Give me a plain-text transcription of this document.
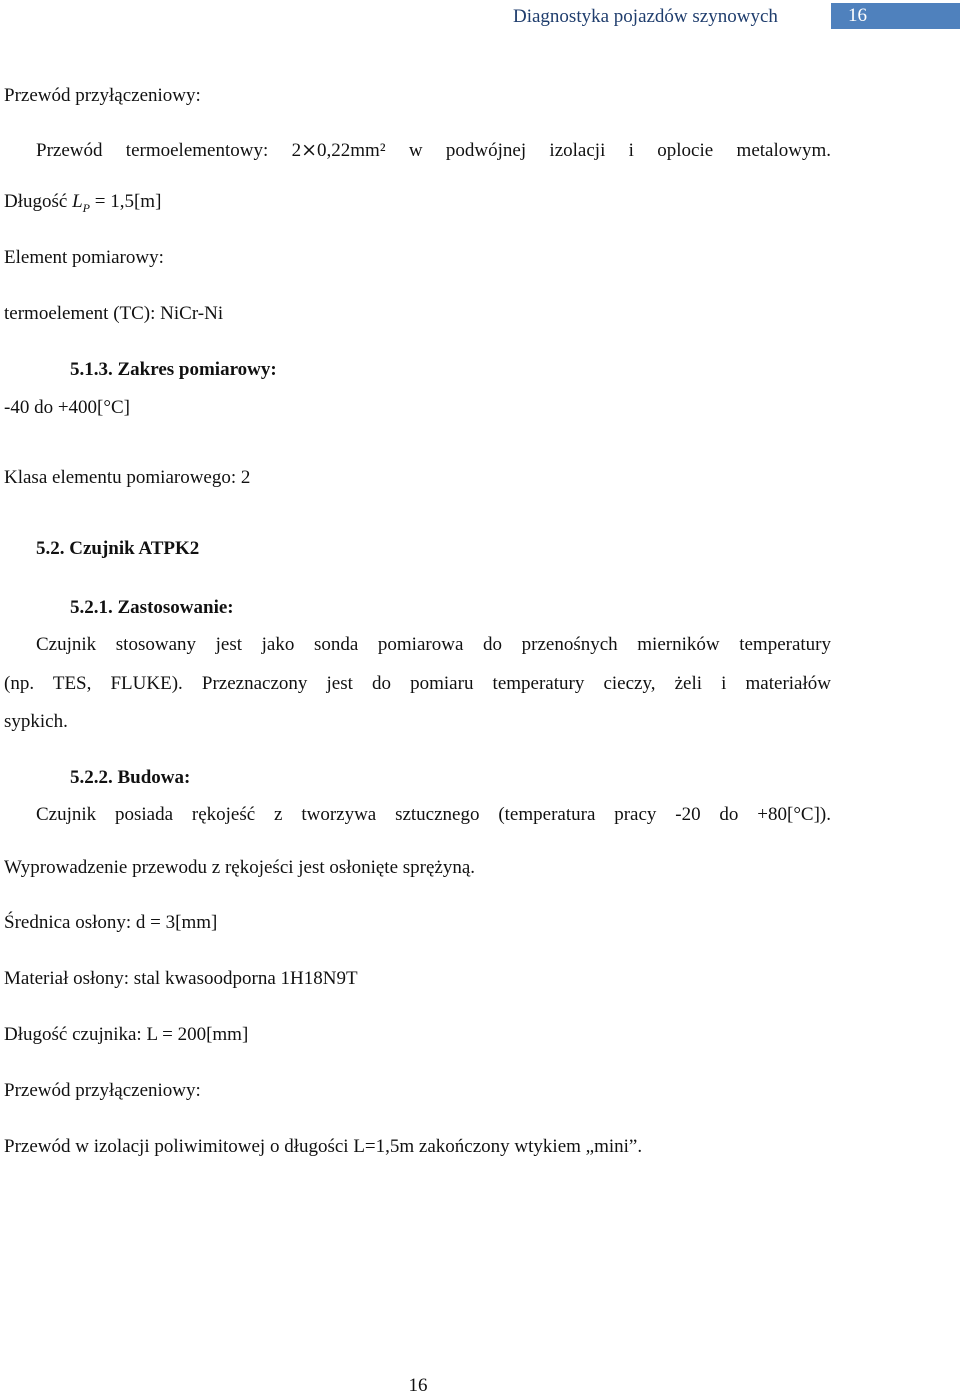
Diagnostyka pojazdów szynowych	16
Przewód przyłączeniowy:
Przewód termoelementowy: 2⨯0,22mm² w podwójnej izolacji i oplocie metalowym.
Długość $L_P = 1,5[m]$
Element pomiarowy:
termoelement (TC): NiCr-Ni
5.1.3. Zakres pomiarowy:
-40 do +400[°C]
Klasa elementu pomiarowego: 2
5.2. Czujnik ATPK2
5.2.1. Zastosowanie:
Czujnik stosowany jest jako sonda pomiarowa do przenośnych mierników temperatury
(np. TES, FLUKE). Przeznaczony jest do pomiaru temperatury cieczy, żeli i materiałów
sypkich.
5.2.2. Budowa:
Czujnik posiada rękojeść z tworzywa sztucznego (temperatura pracy -20 do +80[°C]).
Wyprowadzenie przewodu z rękojeści jest osłonięte sprężyną.
Średnica osłony: d = 3[mm]
Materiał osłony: stal kwasoodporna 1H18N9T
Długość czujnika: L = 200[mm]
Przewód przyłączeniowy:
Przewód w izolacji poliwimitowej o długości L=1,5m zakończony wtykiem „mini”.
16
